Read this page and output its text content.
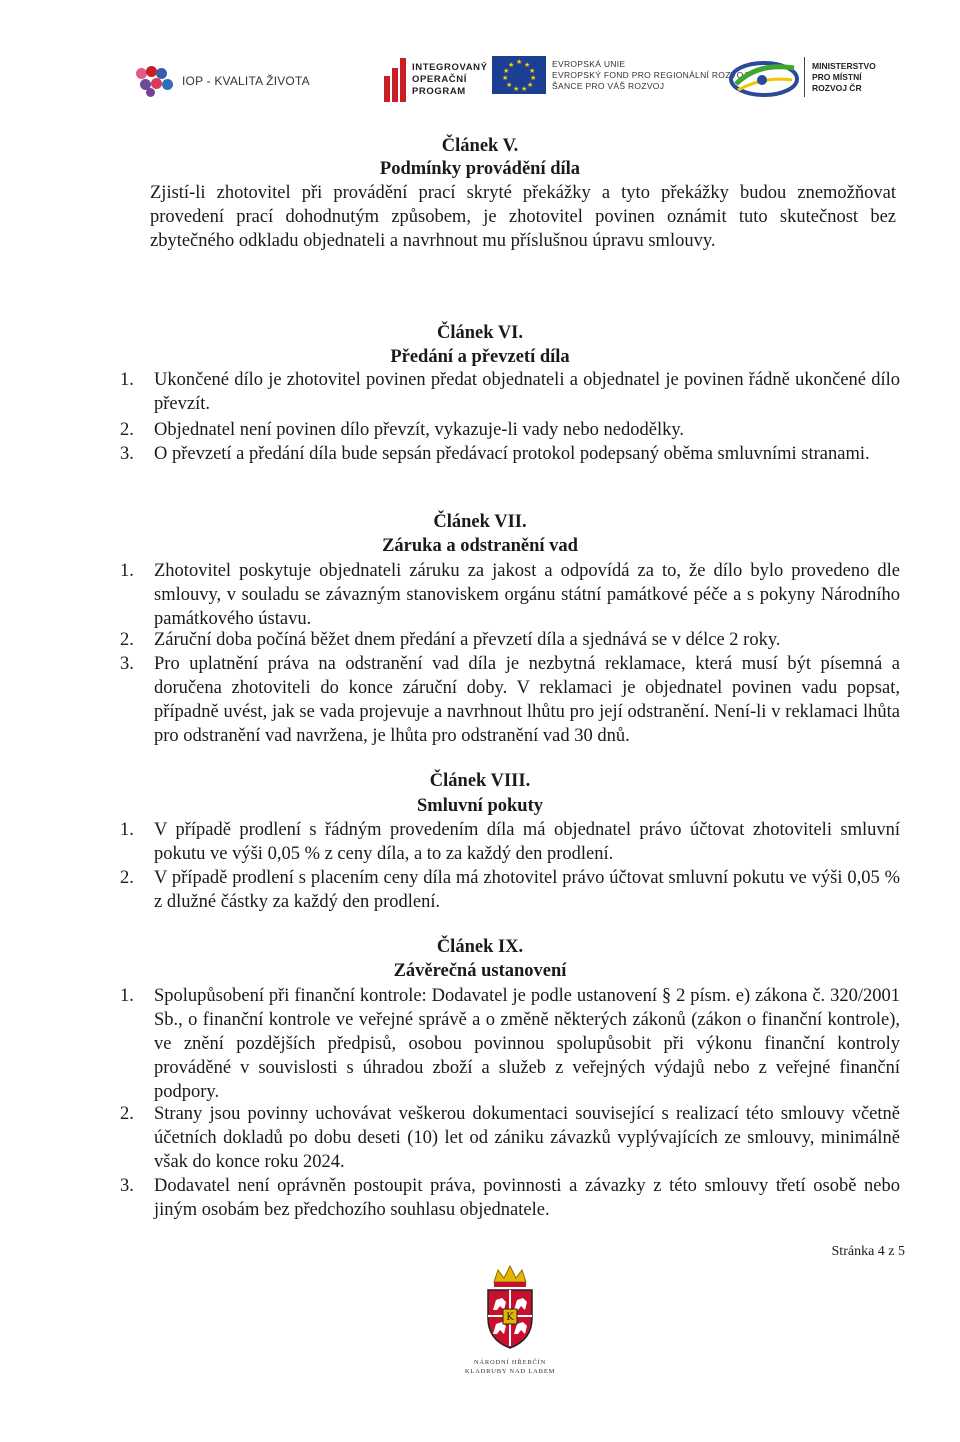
IOP - KVALITA ŽIVOTA
INTEGROVANÝ
OPERAČNÍ
PROGRAM
★ ★
★
★
★
★
★
★
★
★
★	EVROPSKÁ UNIE
EVROPSKÝ FOND PRO REGIONÁLNÍ ROZVOJ
ŠANCE PRO VÁŠ ROZVOJ
MINISTERSTVO
PRO MÍSTNÍ
ROZVOJ ČR
Článek V.
Podmínky provádění díla
Zjistí-li zhotovitel při provádění prací skryté překážky a tyto překážky budou znemožňovat provedení prací dohodnutým způsobem, je zhotovitel povinen oznámit tuto skutečnost bez zbytečného odkladu objednateli a navrhnout mu příslušnou úpravu smlouvy.
Článek VI.
Předání a převzetí díla
1.	Ukončené dílo je zhotovitel povinen předat objednateli a objednatel je povinen řádně ukončené dílo převzít.
2.	Objednatel není povinen dílo převzít, vykazuje-li vady nebo nedodělky.
3.	O převzetí a předání díla bude sepsán předávací protokol podepsaný oběma smluvními stranami.
Článek VII.
Záruka a odstranění vad
1.	Zhotovitel poskytuje objednateli záruku za jakost a odpovídá za to, že dílo bylo provedeno dle smlouvy, v souladu se závazným stanoviskem orgánu státní památkové péče a s pokyny Národního památkového ústavu.
2.	Záruční doba počíná běžet dnem předání a převzetí díla a sjednává se v délce 2 roky.
3.	Pro uplatnění práva na odstranění vad díla je nezbytná reklamace, která musí být písemná a doručena zhotoviteli do konce záruční doby. V reklamaci je objednatel povinen vadu popsat, případně uvést, jak se vada projevuje a navrhnout lhůtu pro její odstranění. Není-li v reklamaci lhůta pro odstranění vad navržena, je lhůta pro odstranění vad 30 dnů.
Článek VIII.
Smluvní pokuty
1.	V případě prodlení s řádným provedením díla má objednatel právo účtovat zhotoviteli smluvní pokutu ve výši 0,05 % z ceny díla, a to za každý den prodlení.
2.	V případě prodlení s placením ceny díla má zhotovitel právo účtovat smluvní pokutu ve výši 0,05 % z dlužné částky za každý den prodlení.
Článek IX.
Závěrečná ustanovení
1.	Spolupůsobení při finanční kontrole: Dodavatel je podle ustanovení § 2 písm. e) zákona č. 320/2001 Sb., o finanční kontrole ve veřejné správě a o změně některých zákonů (zákon o finanční kontrole), ve znění pozdějších předpisů, osobou povinnou spolupůsobit při výkonu finanční kontroly prováděné v souvislosti s úhradou zboží a služeb z veřejných výdajů nebo z veřejné finanční podpory.
2.	Strany jsou povinny uchovávat veškerou dokumentaci související s realizací této smlouvy včetně účetních dokladů po dobu deseti (10) let od zániku závazků vyplývajících ze smlouvy, minimálně však do konce roku 2024.
3.	Dodavatel není oprávněn postoupit práva, povinnosti a závazky z této smlouvy třetí osobě nebo jiným osobám bez předchozího souhlasu objednatele.
Stránka 4 z 5
K
NÁRODNÍ HŘEBČÍN
KLADRUBY NAD LABEM
